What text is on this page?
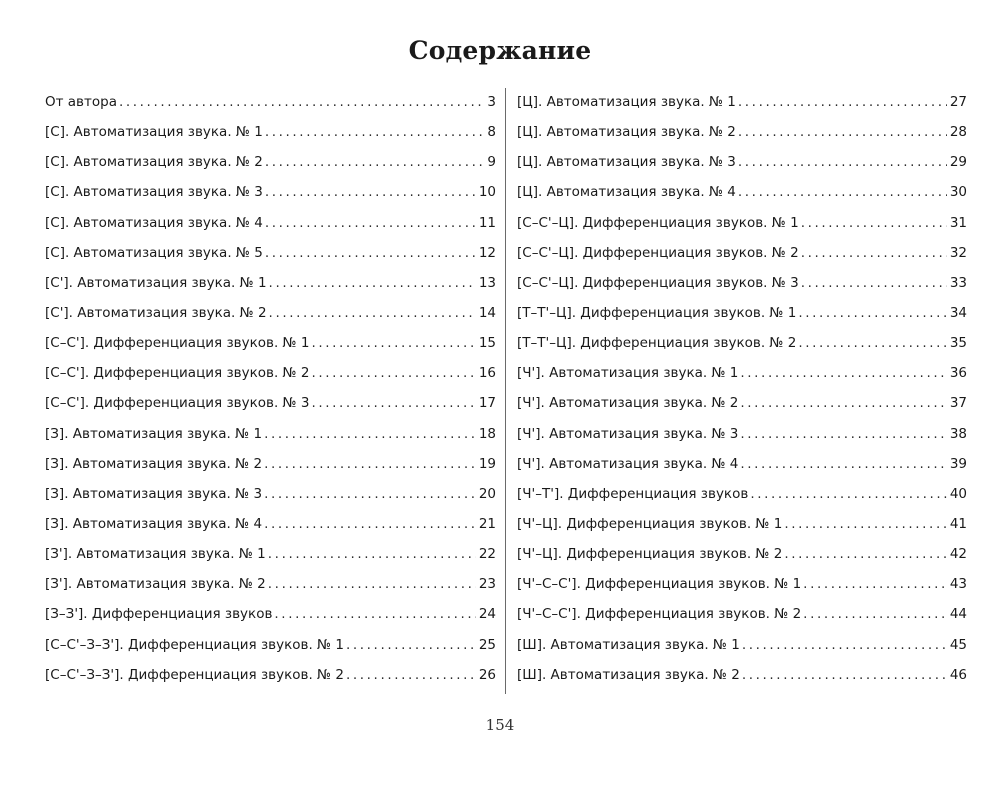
Содержание
От автора .....	3
[С]. Автоматизация звука. № 1 .....	8
[С]. Автоматизация звука. № 2 .....	9
[С]. Автоматизация звука. № 3 .....	10
[С]. Автоматизация звука. № 4 .....	11
[С]. Автоматизация звука. № 5 .....	12
[С']. Автоматизация звука. № 1 .....	13
[С']. Автоматизация звука. № 2 .....	14
[С–С']. Дифференциация звуков. № 1 .....	15
[С–С']. Дифференциация звуков. № 2 .....	16
[С–С']. Дифференциация звуков. № 3 .....	17
[З]. Автоматизация звука. № 1 .....	18
[З]. Автоматизация звука. № 2 .....	19
[З]. Автоматизация звука. № 3 .....	20
[З]. Автоматизация звука. № 4 .....	21
[З']. Автоматизация звука. № 1 .....	22
[З']. Автоматизация звука. № 2 .....	23
[З–З']. Дифференциация звуков .....	24
[С–С'–З–З']. Дифференциация звуков. № 1 .....	25
[С–С'–З–З']. Дифференциация звуков. № 2 .....	26
[Ц]. Автоматизация звука. № 1 .....	27
[Ц]. Автоматизация звука. № 2 .....	28
[Ц]. Автоматизация звука. № 3 .....	29
[Ц]. Автоматизация звука. № 4 .....	30
[С–С'–Ц]. Дифференциация звуков. № 1 .....	31
[С–С'–Ц]. Дифференциация звуков. № 2 .....	32
[С–С'–Ц]. Дифференциация звуков. № 3 .....	33
[Т–Т'–Ц]. Дифференциация звуков. № 1 .....	34
[Т–Т'–Ц]. Дифференциация звуков. № 2 .....	35
[Ч']. Автоматизация звука. № 1 .....	36
[Ч']. Автоматизация звука. № 2 .....	37
[Ч']. Автоматизация звука. № 3 .....	38
[Ч']. Автоматизация звука. № 4 .....	39
[Ч'–Т']. Дифференциация звуков .....	40
[Ч'–Ц]. Дифференциация звуков. № 1 .....	41
[Ч'–Ц]. Дифференциация звуков. № 2 .....	42
[Ч'–С–С']. Дифференциация звуков. № 1 .....	43
[Ч'–С–С']. Дифференциация звуков. № 2 .....	44
[Ш]. Автоматизация звука. № 1 .....	45
[Ш]. Автоматизация звука. № 2 .....	46
154
